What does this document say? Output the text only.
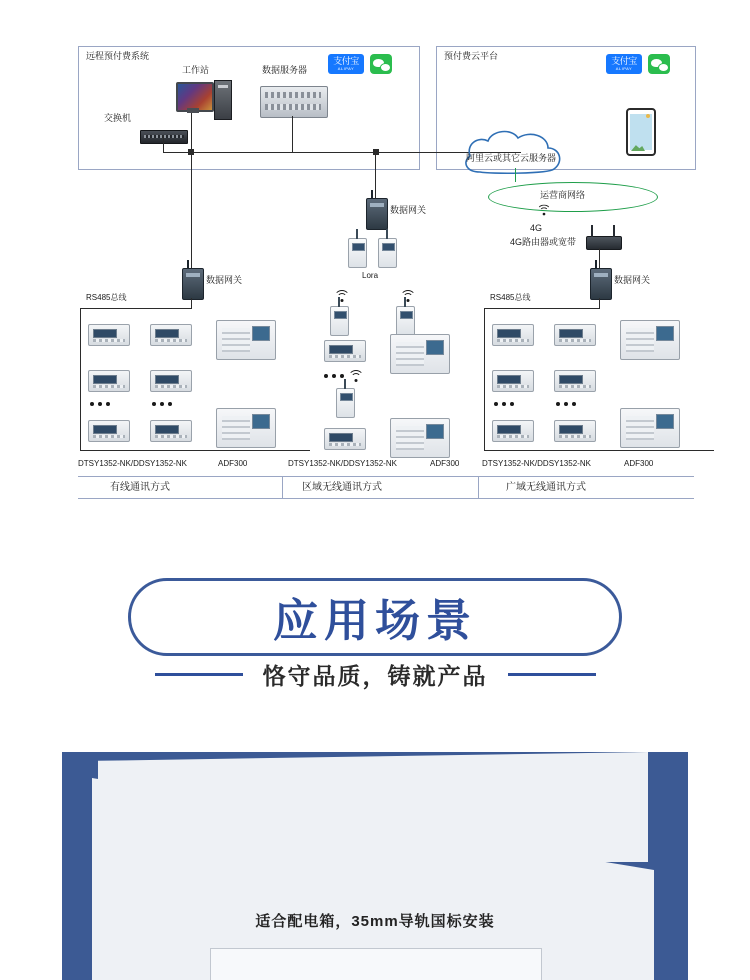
远程预付费系统	预付费云平台
支付宝
ALIPAY
支付宝
ALIPAY
工作站	数据服务器
交换机
阿里云或其它云服务器
运营商网络
4G
4G路由器或宽带
数据网关
数据网关
RS485总线
数据网关
RS485总线
DTSY1352-NK/DDSY1352-NK	ADF300
Lora
DTSY1352-NK/DDSY1352-NK	ADF300	DTSY1352-NK/DDSY1352-NK	ADF300
有线通讯方式	区域无线通讯方式	广域无线通讯方式
应用场景
恪守品质，铸就产品
适合配电箱，35mm导轨国标安装
